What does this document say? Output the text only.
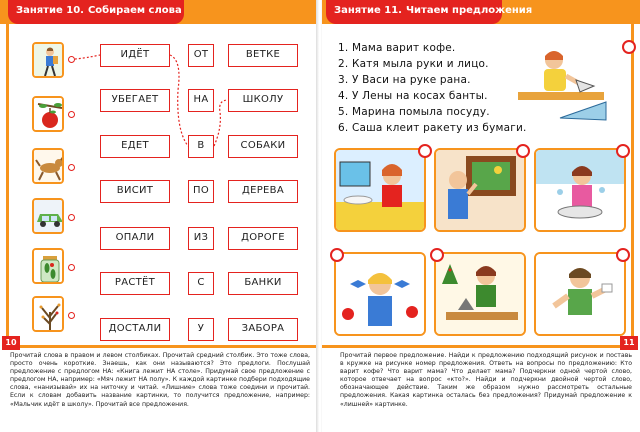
Занятие 10. Собираем слова
10
ИДЁТ	ОТ	ВЕТКЕ
УБЕГАЕТ	НА	ШКОЛУ
ЕДЕТ	В	СОБАКИ
ВИСИТ	ПО	ДЕРЕВА
ОПАЛИ	ИЗ	ДОРОГЕ
РАСТЁТ	С	БАНКИ
ДОСТАЛИ	У	ЗАБОРА
Прочитай слова в правом и левом столбиках. Прочитай средний столбик. Это тоже слова, просто очень короткие. Знаешь, как они называются? Это предлоги. Послушай предложение с предлогом НА: «Книга лежит НА столе». Придумай свое предложение с предлогом НА, например: «Мяч лежит НА полу». К каждой картинке подбери подходящие слова, «нанизывай» их на ниточку и читай. «Лишние» слова тоже соедини и прочитай. Если к словам добавить название картинки, то получится предложение, например: «Мальчик идёт в школу». Прочитай все предложения.
Занятие 11. Читаем предложения
11
1. Мама варит кофе.
2. Катя мыла руки и лицо.
3. У Васи на руке рана.
4. У Лены на косах банты.
5. Марина помыла посуду.
6. Саша клеит ракету из бумаги.
Прочитай первое предложение. Найди к предложению подходящий рисунок и поставь в кружке на рисунке номер предложения. Ответь на вопросы по предложению: Кто варит кофе? Что варит мама? Что делает мама? Подчеркни одной чертой слово, которое отвечает на вопрос «кто?». Найди и подчеркни двойной чертой слово, обозначающее действие. Таким же образом нужно рассмотреть остальные предложения. Какая картинка осталась без предложения? Придумай предложение к «лишней» картинке.
